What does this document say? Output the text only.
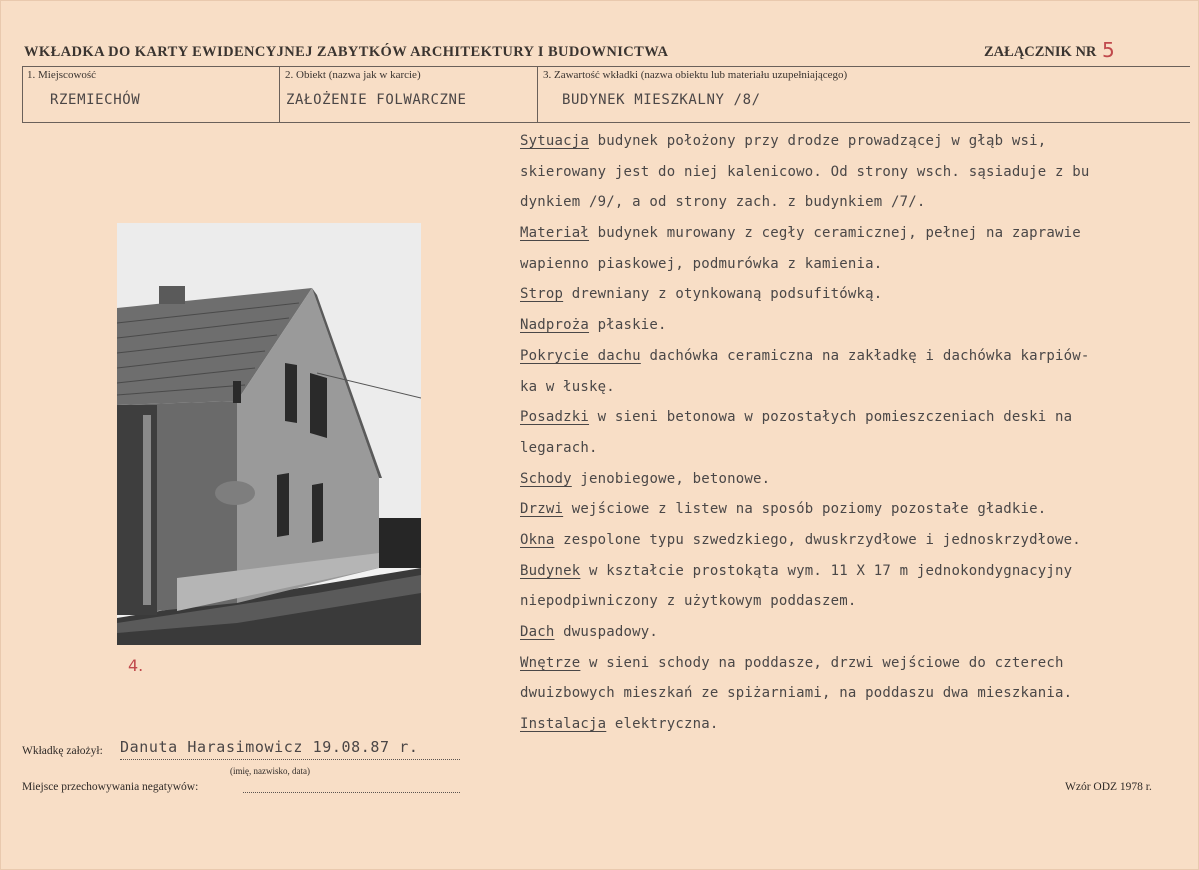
WKŁADKA DO KARTY EWIDENCYJNEJ ZABYTKÓW ARCHITEKTURY I BUDOWNICTWA	ZAŁĄCZNIK NR 5
1. Miejscowość
RZEMIECHÓW
2. Obiekt (nazwa jak w karcie)
ZAŁOŻENIE FOLWARCZNE
3. Zawartość wkładki (nazwa obiektu lub materiału uzupełniającego)
BUDYNEK MIESZKALNY /8/
4.
Sytuacja budynek położony przy drodze prowadzącej w głąb wsi,
skierowany jest do niej kalenicowo. Od strony wsch. sąsiaduje z bu
dynkiem /9/, a od strony zach. z budynkiem /7/.
Materiał budynek murowany z cegły ceramicznej, pełnej na zaprawie
wapienno piaskowej, podmurówka z kamienia.
Strop drewniany z otynkowaną podsufitówką.
Nadproża płaskie.
Pokrycie dachu dachówka ceramiczna na zakładkę i dachówka karpiów-
ka w łuskę.
Posadzki w sieni betonowa w pozostałych pomieszczeniach deski na
legarach.
Schody jenobiegowe, betonowe.
Drzwi wejściowe z listew na sposób poziomy pozostałe gładkie.
Okna zespolone typu szwedzkiego, dwuskrzydłowe i jednoskrzydłowe.
Budynek w kształcie prostokąta wym. 11 X 17 m jednokondygnacyjny
niepodpiwniczony z użytkowym poddaszem.
Dach dwuspadowy.
Wnętrze w sieni schody na poddasze, drzwi wejściowe do czterech
dwuizbowych mieszkań ze spiżarniami, na poddaszu dwa mieszkania.
Instalacja elektryczna.
Wkładkę założył: Danuta Harasimowicz 19.08.87 r.
(imię, nazwisko, data)
Miejsce przechowywania negatywów:	Wzór ODZ 1978 r.
